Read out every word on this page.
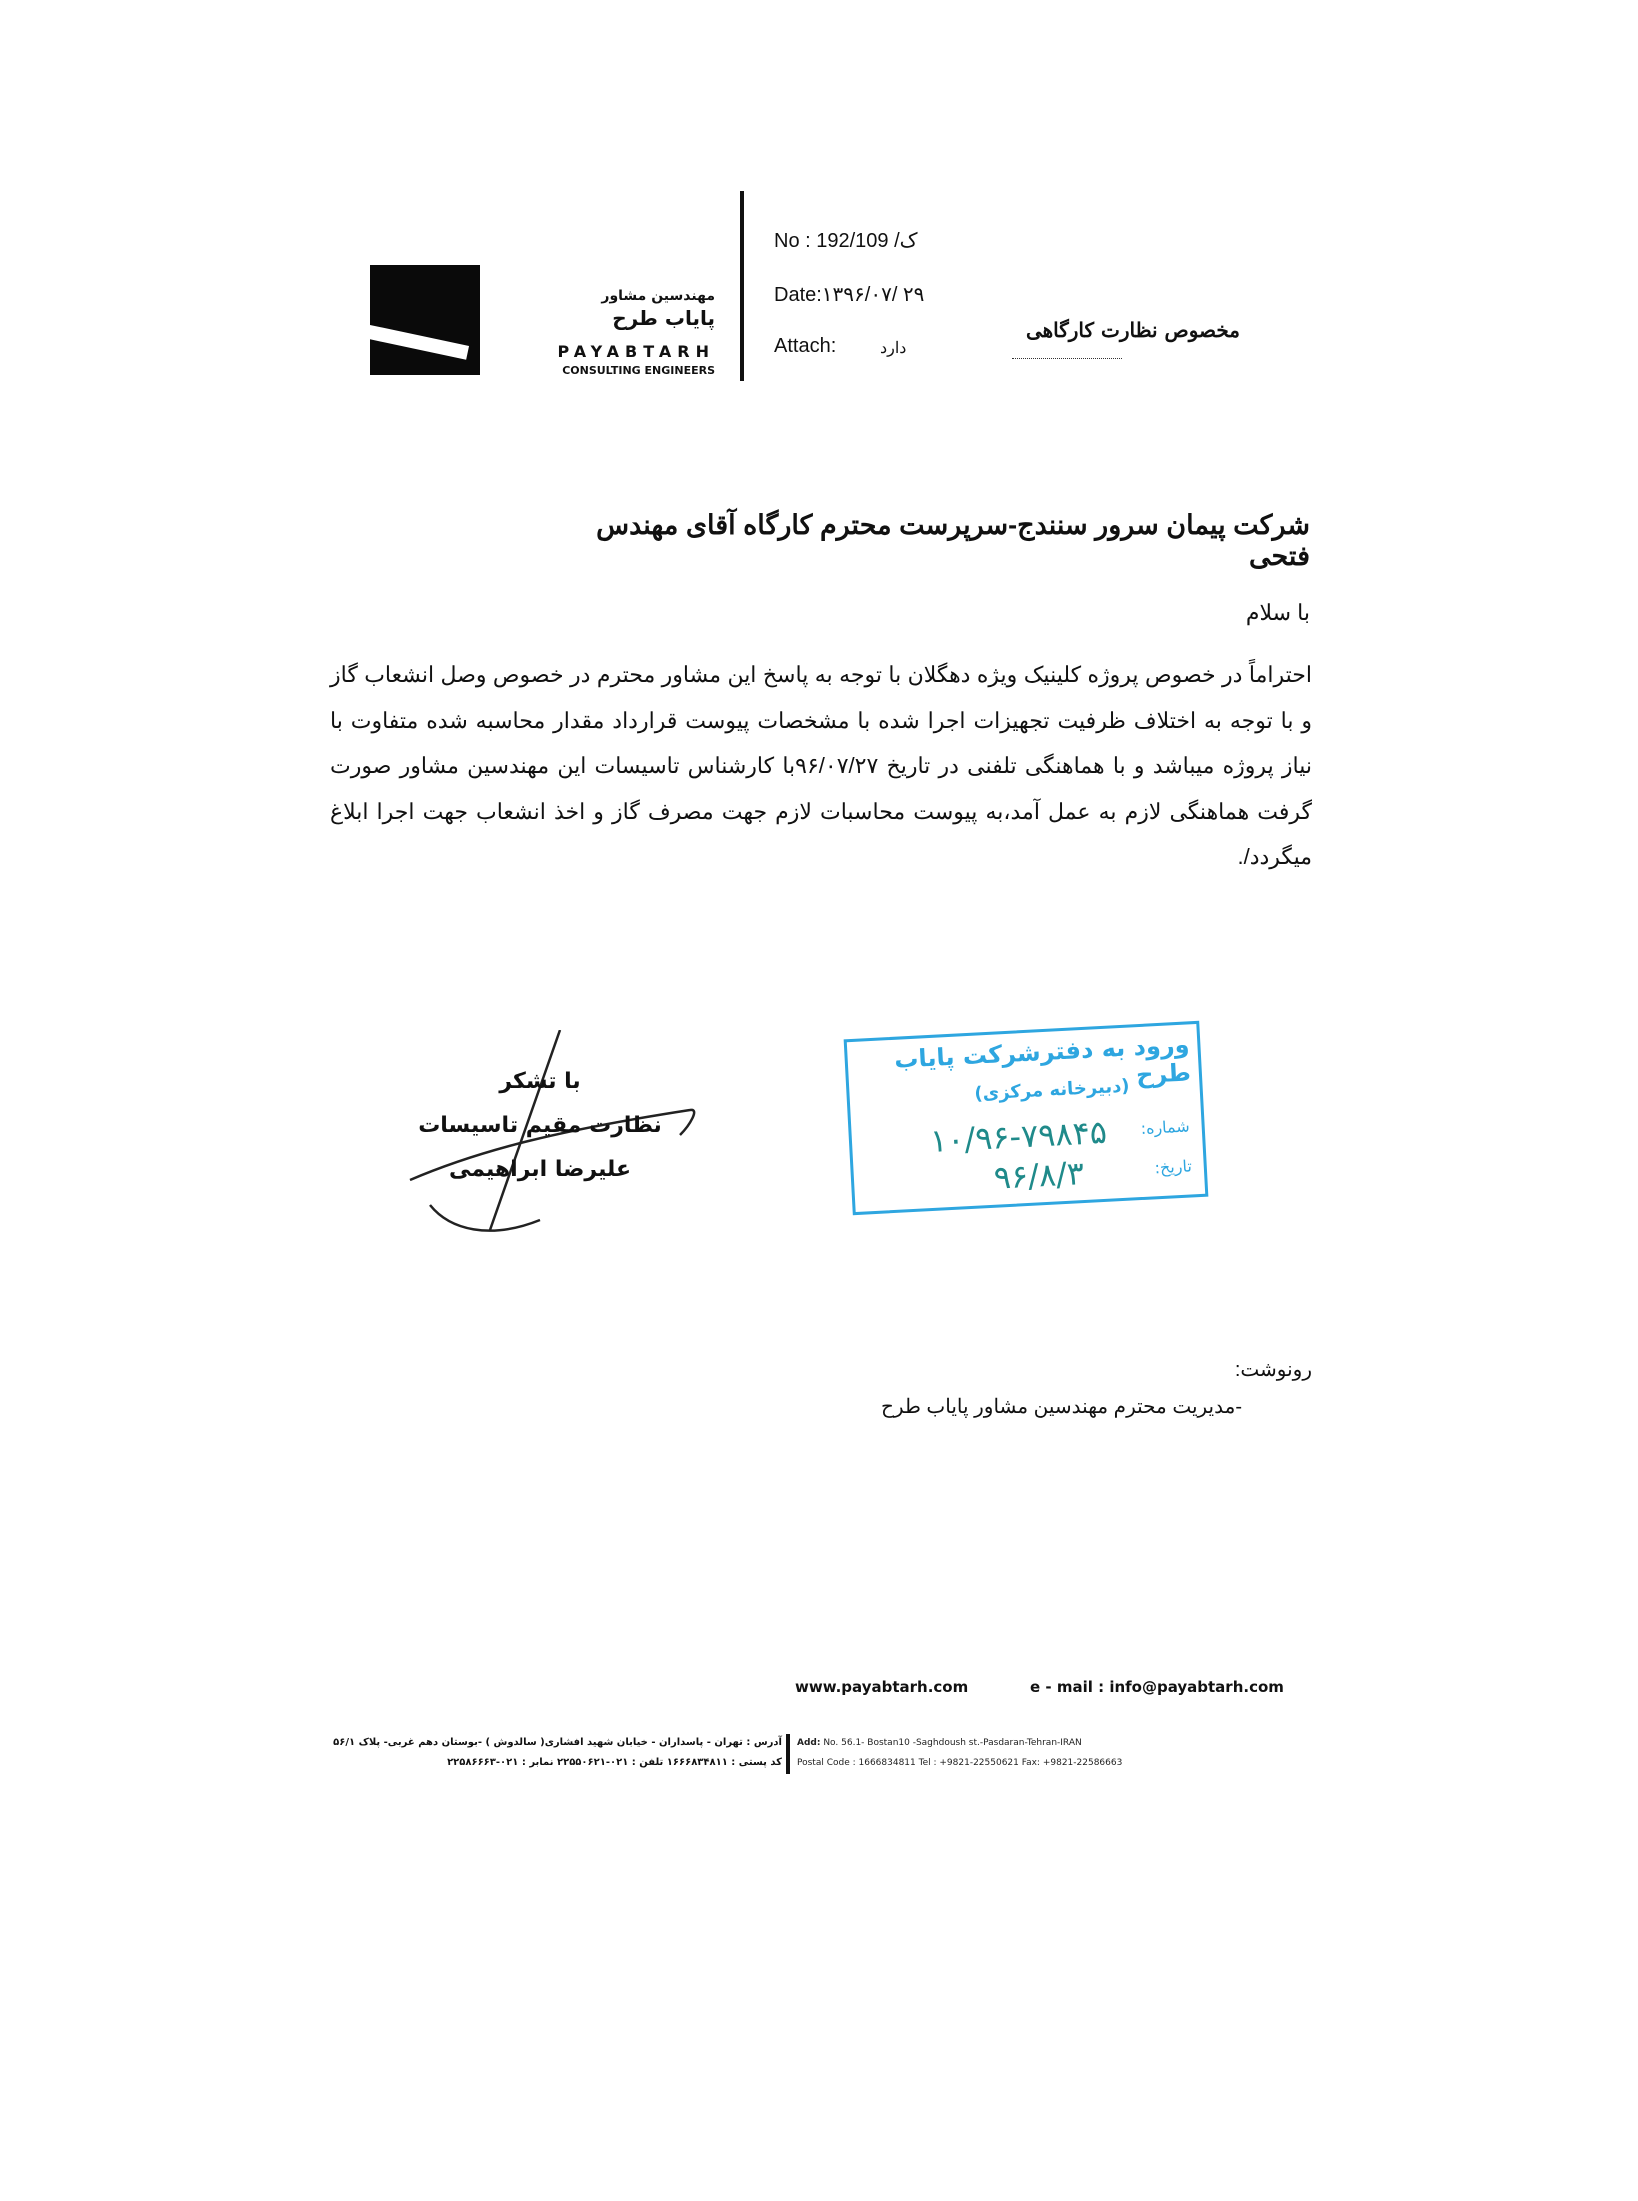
مهندسین مشاور
پایاب طرح
PAYABTARH
CONSULTING ENGINEERS
No : 192/ک/ 109
Date:۱۳۹۶/۰۷/ ۲۹
Attach:	دارد
مخصوص نظارت کارگاهی
شرکت پیمان سرور سنندج-سرپرست محترم کارگاه آقای مهندس فتحی
با سلام
احتراماً در خصوص پروژه کلینیک ویژه دهگلان با توجه به پاسخ این مشاور محترم در خصوص وصل انشعاب گاز و با توجه به اختلاف ظرفیت تجهیزات اجرا شده با مشخصات پیوست قرارداد مقدار محاسبه شده متفاوت با نیاز پروژه میباشد و با هماهنگی تلفنی در تاریخ ۹۶/۰۷/۲۷با کارشناس تاسیسات این مهندسین مشاور صورت گرفت هماهنگی لازم به عمل آمد،به پیوست محاسبات لازم جهت مصرف گاز و اخذ انشعاب جهت اجرا ابلاغ میگردد/.
با تشکر
نظارت مقیم تاسیسات
علیرضا ابراهیمی
ورود به دفترشرکت پایاب طرح
(دبیرخانه مرکزی)
شماره:
۱۰/۹۶-۷۹۸۴۵
تاریخ:
۹۶/۸/۳
رونوشت:
-مدیریت محترم مهندسین مشاور پایاب طرح
www.payabtarh.com	e - mail : info@payabtarh.com
آدرس : تهران - پاسداران - خیابان شهید افشاری( سالدوش ) -بوستان دهم غربی- پلاک ۵۶/۱
کد پستی : ۱۶۶۶۸۳۴۸۱۱ تلفن : ۰۲۱-۲۲۵۵۰۶۲۱ نمابر : ۰۲۱-۲۲۵۸۶۶۶۳
Add: No. 56.1- Bostan10 -Saghdoush st.-Pasdaran-Tehran-IRAN
Postal Code : 1666834811 Tel : +9821-22550621 Fax: +9821-22586663
